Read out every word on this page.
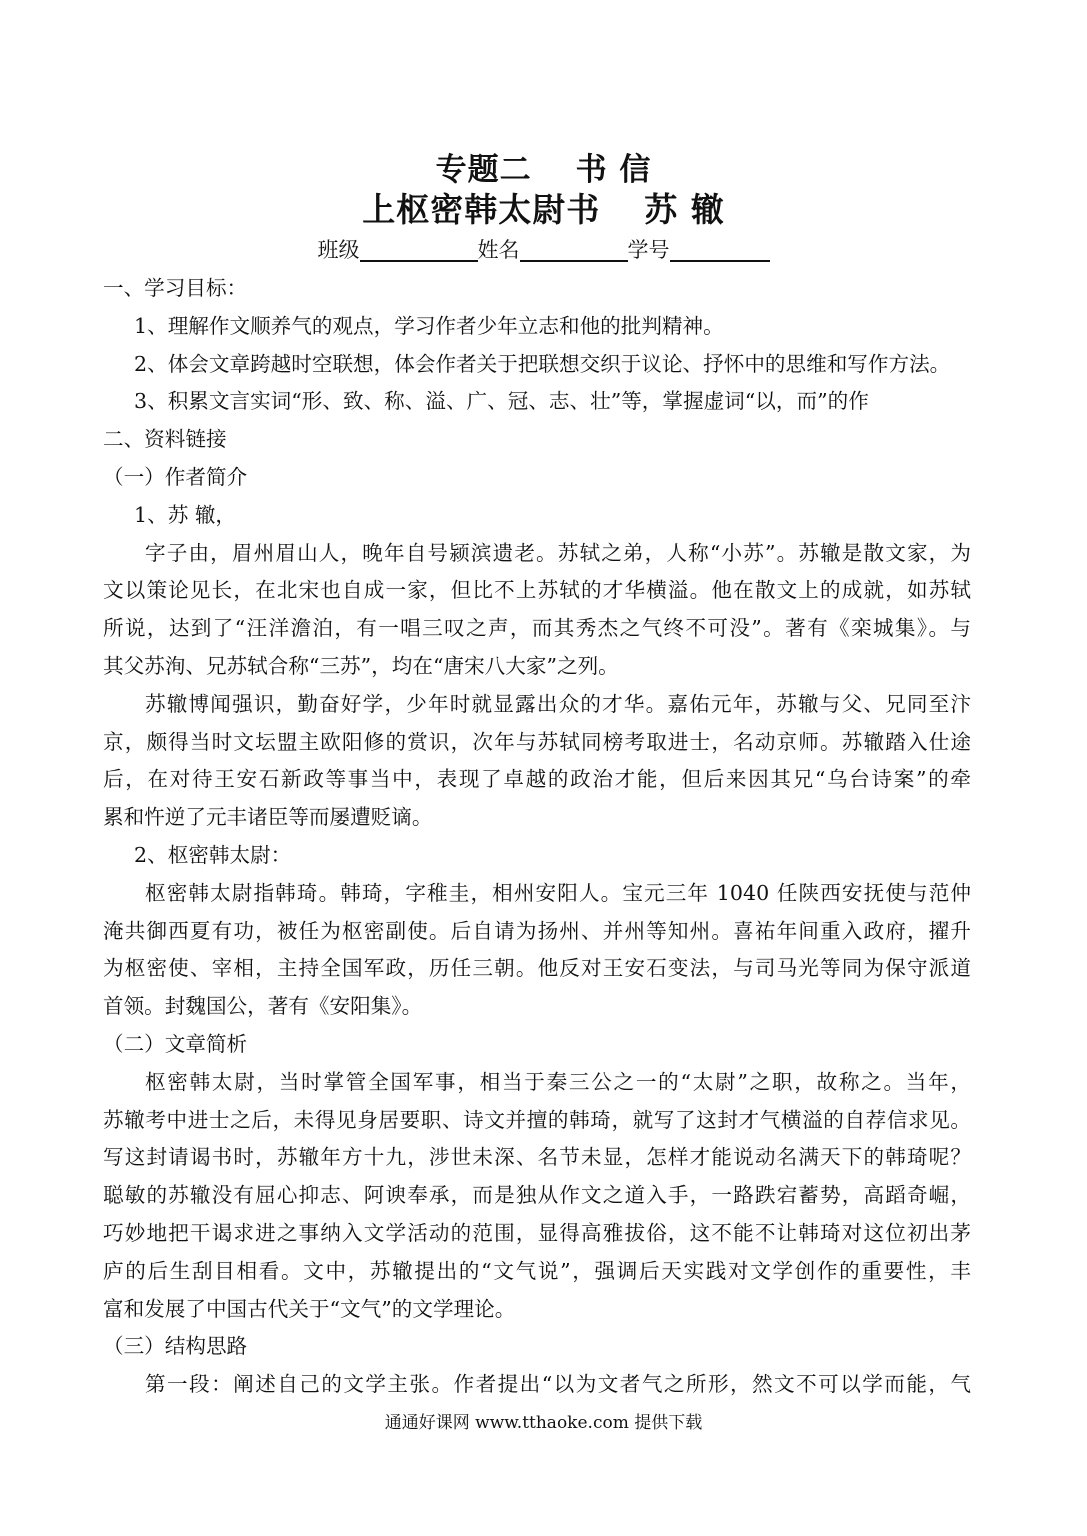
专题二 书 信
上枢密韩太尉书 苏 辙
班级	姓名	学号
一、学习目标：
1、理解作文顺养气的观点，学习作者少年立志和他的批判精神。
2、体会文章跨越时空联想，体会作者关于把联想交织于议论、抒怀中的思维和写作方法。
3、积累文言实词“形、致、称、溢、广、冠、志、壮”等，掌握虚词“以，而”的作
二、资料链接
（一）作者简介
1、苏 辙，
字子由，眉州眉山人，晚年自号颍滨遗老。苏轼之弟，人称“小苏”。苏辙是散文家，为
文以策论见长，在北宋也自成一家，但比不上苏轼的才华横溢。他在散文上的成就，如苏轼
所说，达到了“汪洋澹泊，有一唱三叹之声，而其秀杰之气终不可没”。著有《栾城集》。与
其父苏洵、兄苏轼合称“三苏”，均在“唐宋八大家”之列。
苏辙博闻强识，勤奋好学，少年时就显露出众的才华。嘉佑元年，苏辙与父、兄同至汴
京，颇得当时文坛盟主欧阳修的赏识，次年与苏轼同榜考取进士，名动京师。苏辙踏入仕途
后，在对待王安石新政等事当中，表现了卓越的政治才能，但后来因其兄“乌台诗案”的牵
累和忤逆了元丰诸臣等而屡遭贬谪。
2、枢密韩太尉：
枢密韩太尉指韩琦。韩琦，字稚圭，相州安阳人。宝元三年 1040 任陕西安抚使与范仲
淹共御西夏有功，被任为枢密副使。后自请为扬州、并州等知州。喜祐年间重入政府，擢升
为枢密使、宰相，主持全国军政，历任三朝。他反对王安石变法，与司马光等同为保守派道
首领。封魏国公，著有《安阳集》。
（二）文章简析
枢密韩太尉，当时掌管全国军事，相当于秦三公之一的“太尉”之职，故称之。当年，
苏辙考中进士之后，未得见身居要职、诗文并擅的韩琦，就写了这封才气横溢的自荐信求见。
写这封请谒书时，苏辙年方十九，涉世未深、名节未显，怎样才能说动名满天下的韩琦呢？
聪敏的苏辙没有屈心抑志、阿谀奉承，而是独从作文之道入手，一路跌宕蓄势，高蹈奇崛，
巧妙地把干谒求进之事纳入文学活动的范围，显得高雅拔俗，这不能不让韩琦对这位初出茅
庐的后生刮目相看。文中，苏辙提出的“文气说”，强调后天实践对文学创作的重要性，丰
富和发展了中国古代关于“文气”的文学理论。
（三）结构思路
第一段：阐述自己的文学主张。作者提出“以为文者气之所形，然文不可以学而能，气
通通好课网 www.tthaoke.com 提供下载
